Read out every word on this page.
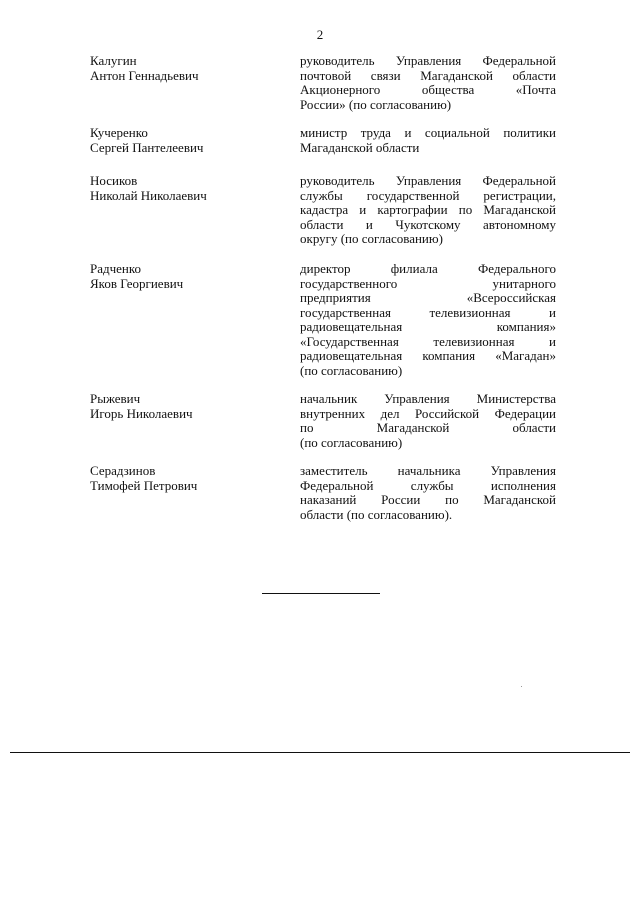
2
Калугин
Антон Геннадьевич
руководитель Управления Федеральной
почтовой связи Магаданской области
Акционерного общества «Почта
России» (по согласованию)
Кучеренко
Сергей Пантелеевич
министр труда и социальной политики
Магаданской области
Носиков
Николай Николаевич
руководитель Управления Федеральной
службы государственной регистрации,
кадастра и картографии по Магаданской
области и Чукотскому автономному
округу (по согласованию)
Радченко
Яков Георгиевич
директор филиала Федерального
государственного унитарного
предприятия «Всероссийская
государственная телевизионная и
радиовещательная компания»
«Государственная телевизионная и
радиовещательная компания «Магадан»
(по согласованию)
Рыжевич
Игорь Николаевич
начальник Управления Министерства
внутренних дел Российской Федерации
по Магаданской области
(по согласованию)
Серадзинов
Тимофей Петрович
заместитель начальника Управления
Федеральной службы исполнения
наказаний России по Магаданской
области (по согласованию).
